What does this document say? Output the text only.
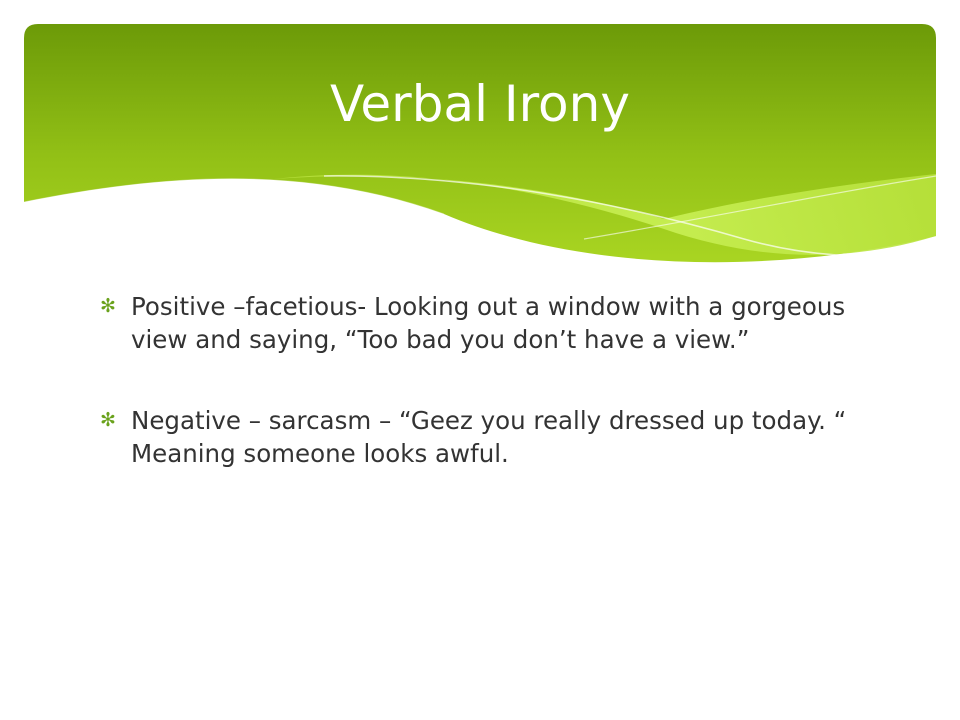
Verbal Irony
✻ Positive –facetious- Looking out a window with a gorgeous view and saying, “Too bad you don’t have a view.”
✻ Negative – sarcasm – “Geez you really dressed up today. “ Meaning someone looks awful.
